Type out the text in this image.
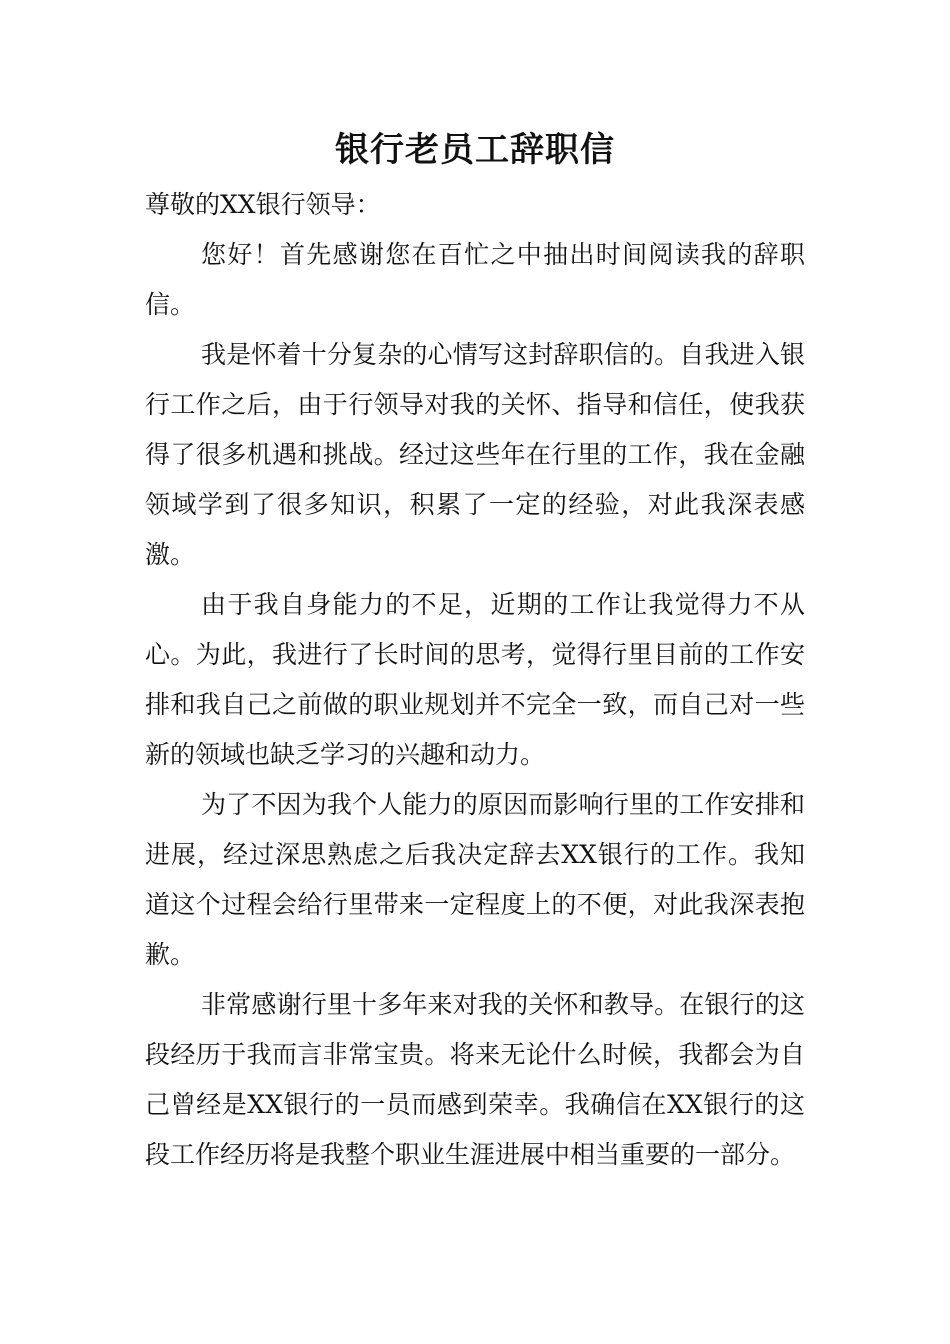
银行老员工辞职信

尊敬的XX银行领导：

您好！首先感谢您在百忙之中抽出时间阅读我的辞职信。

我是怀着十分复杂的心情写这封辞职信的。自我进入银行工作之后，由于行领导对我的关怀、指导和信任，使我获得了很多机遇和挑战。经过这些年在行里的工作，我在金融领域学到了很多知识，积累了一定的经验，对此我深表感激。

由于我自身能力的不足，近期的工作让我觉得力不从心。为此，我进行了长时间的思考，觉得行里目前的工作安排和我自己之前做的职业规划并不完全一致，而自己对一些新的领域也缺乏学习的兴趣和动力。

为了不因为我个人能力的原因而影响行里的工作安排和进展，经过深思熟虑之后我决定辞去XX银行的工作。我知道这个过程会给行里带来一定程度上的不便，对此我深表抱歉。

非常感谢行里十多年来对我的关怀和教导。在银行的这段经历于我而言非常宝贵。将来无论什么时候，我都会为自己曾经是XX银行的一员而感到荣幸。我确信在XX银行的这段工作经历将是我整个职业生涯进展中相当重要的一部分。
